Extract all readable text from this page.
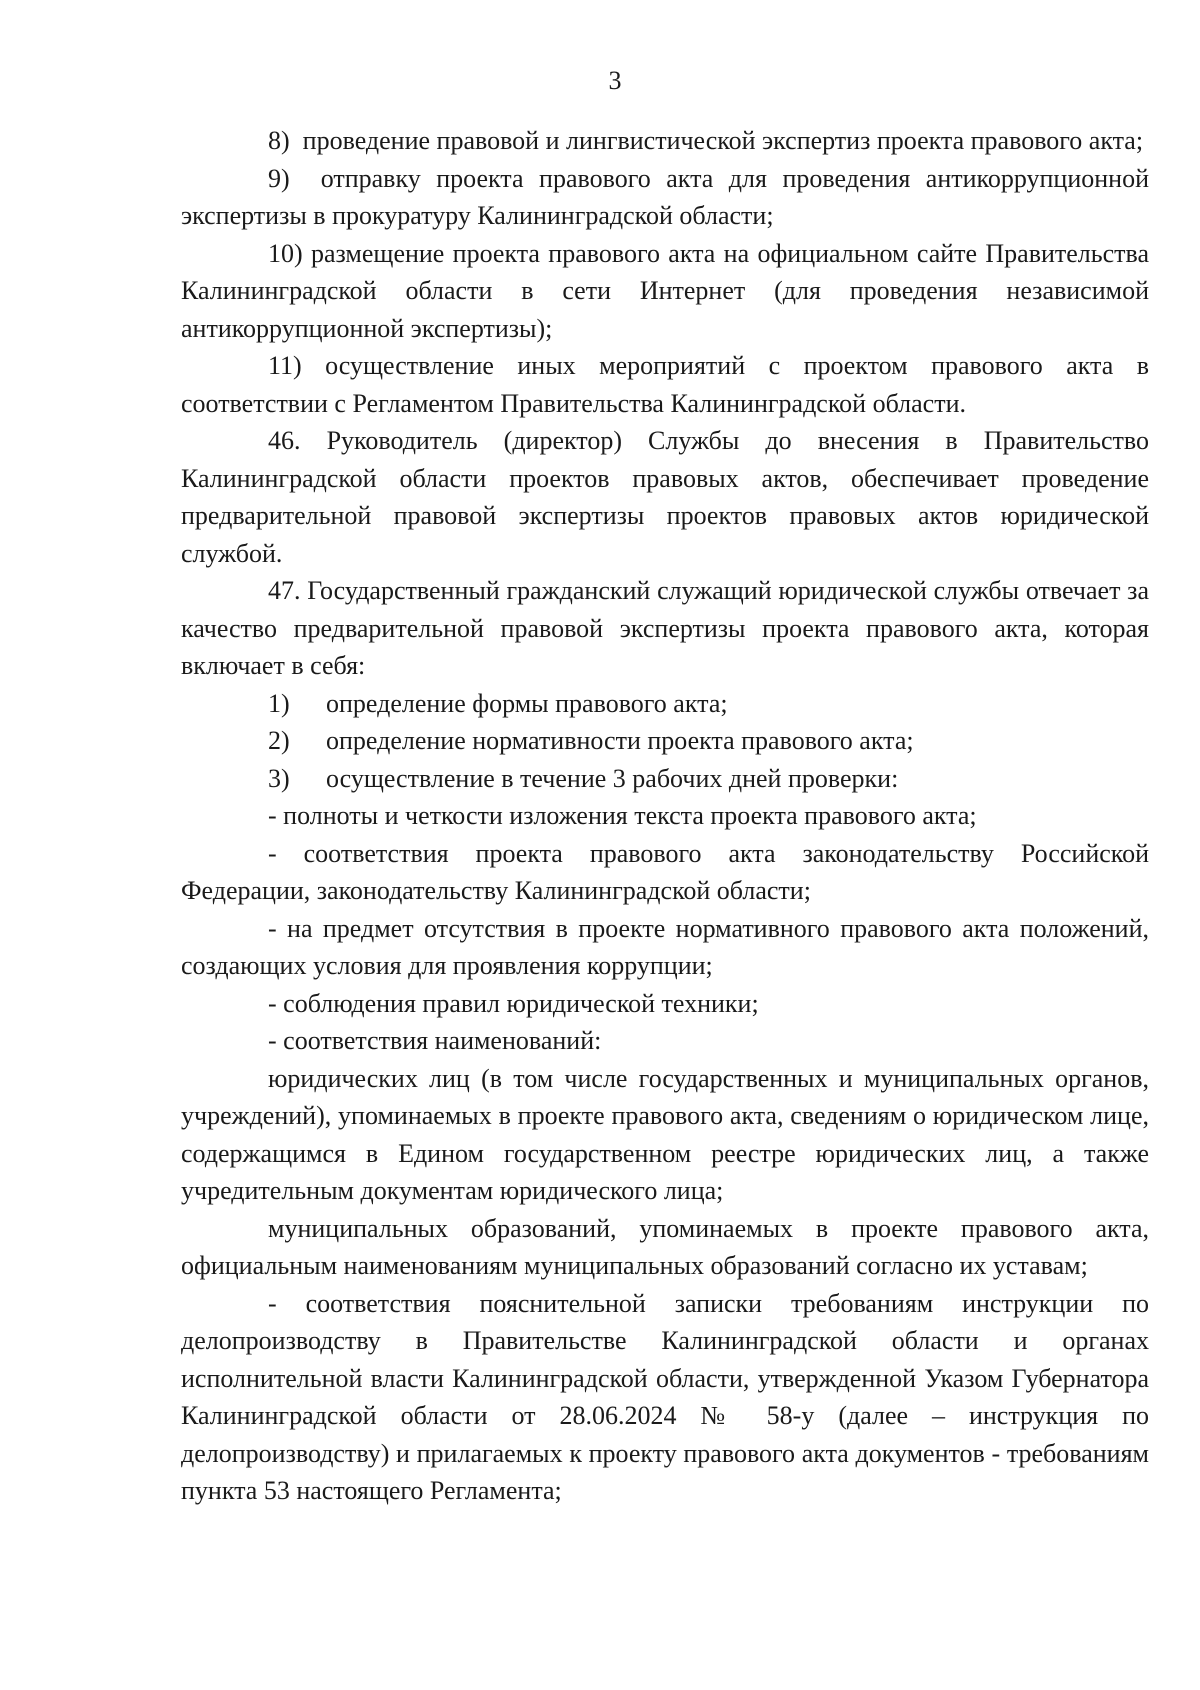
3

8)  проведение правовой и лингвистической экспертиз проекта правового акта;

9)  отправку проекта правового акта для проведения антикоррупционной экспертизы в прокуратуру Калининградской области;

10) размещение проекта правового акта на официальном сайте Правительства Калининградской области в сети Интернет (для проведения независимой антикоррупционной экспертизы);

11) осуществление иных мероприятий с проектом правового акта в соответствии с Регламентом Правительства Калининградской области.

46. Руководитель (директор) Службы до внесения в Правительство Калининградской области проектов правовых актов, обеспечивает проведение предварительной правовой экспертизы проектов правовых актов юридической службой.

47. Государственный гражданский служащий юридической службы отвечает за качество предварительной правовой экспертизы проекта правового акта, которая включает в себя:

1) определение формы правового акта;
2) определение нормативности проекта правового акта;
3) осуществление в течение 3 рабочих дней проверки:

- полноты и четкости изложения текста проекта правового акта;

- соответствия проекта правового акта законодательству Российской Федерации, законодательству Калининградской области;

- на предмет отсутствия в проекте нормативного правового акта положений, создающих условия для проявления коррупции;

- соблюдения правил юридической техники;

- соответствия наименований:

юридических лиц (в том числе государственных и муниципальных органов, учреждений), упоминаемых в проекте правового акта, сведениям о юридическом лице, содержащимся в Едином государственном реестре юридических лиц, а также учредительным документам юридического лица;

муниципальных образований, упоминаемых в проекте правового акта, официальным наименованиям муниципальных образований согласно их уставам;

- соответствия пояснительной записки требованиям инструкции по делопроизводству в Правительстве Калининградской области и органах исполнительной власти Калининградской области, утвержденной Указом Губернатора Калининградской области от 28.06.2024 № 58-у (далее – инструкция по делопроизводству) и прилагаемых к проекту правового акта документов - требованиям пункта 53 настоящего Регламента;
